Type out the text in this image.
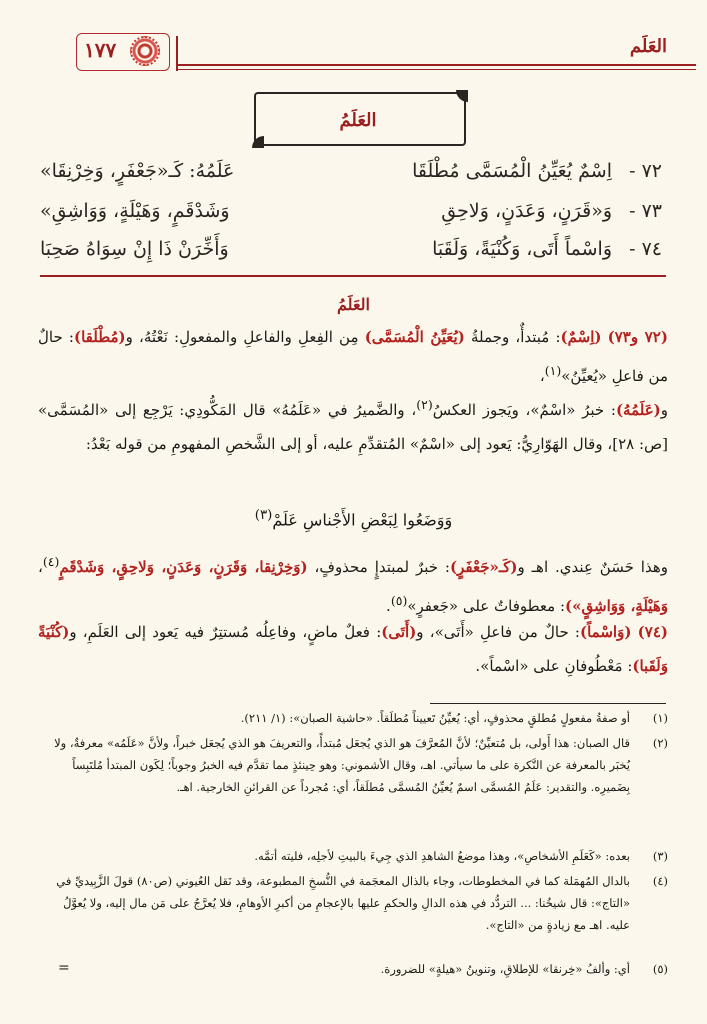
العَلَم
١٧٧
العَلَمُ
٧٢ -
اِسْمٌ يُعَيِّنُ الْمُسَمَّى مُطْلَقَا
عَلَمُهُ: كَـ«جَعْفَرٍ، وَخِرْنِقَا»
٧٣ -
وَ«قَرَنٍ، وَعَدَنٍ، وَلاحِقِ
وَشَدْقَمٍ، وَهَيْلَةٍ، وَوَاشِقِ»
٧٤ -
وَاسْماً أَتَى، وَكُنْيَةً، وَلَقَبَا
وَأَخِّرَنْ ذَا إِنْ سِوَاهُ صَحِبَا
العَلَمُ
(٧٢ و٧٣) (اِسْمٌ): مُبتدأٌ، وجملةُ (يُعَيِّنُ الْمُسَمَّى) مِن الفِعلِ والفاعلِ والمفعولِ: نَعْتُهُ، و(مُطْلَقا): حالٌ من فاعلِ «يُعيِّنُ»$^{(١)}$،
و(عَلَمُهُ): خبرُ «اسْمٌ»، ويَجوز العكسُ$^{(٢)}$، والضَّميرُ في «عَلَمُهُ» قال المَكُّودِي: يَرْجِع إلى «المُسَمَّى» [ص: ٢٨]، وقال الهَوّارِيُّ: يَعود إلى «اسْمٌ» المُتقدِّمِ عليه، أو إلى الشَّخصِ المفهومِ من قوله بَعْدُ:
وَوَضَعُوا لِبَعْضِ الأَجْناسِ عَلَمْ$^{(٣)}$
وهذا حَسَنٌ عِندي. اهـ و(كَـ«جَعْفَرٍ): خبرٌ لمبتدإٍ محذوفٍ، (وَخِرْنِقا، وَقَرَنٍ، وَعَدَنٍ، وَلاحِقٍ، وَشَدْقَمٍ$^{(٤)}$، وَهَيْلَةٍ، وَوَاشِقٍ»): معطوفاتٌ على «جَعفرٍ»$^{(٥)}$.
(٧٤) (وَاسْماً): حالٌ من فاعلِ «أَتَى»، و(أَتَى): فعلٌ ماضٍ، وفاعِلُه مُستتِرٌ فيه يَعود إلى العَلَمِ، و(كُنْيَةً وَلَقَبا): مَعْطُوفانِ على «اسْماً».
(١)
أو صفةُ مفعولٍ مُطلقٍ محذوفٍ، أي: يُعيِّنُ تَعييناً مُطلَقاً. «حاشية الصبان»: (١/ ٢١١).
(٢)
قال الصبان: هذا أَولى، بل مُتعيِّنٌ؛ لأنَّ المُعرَّفَ هو الذي يُجعَل مُبتدأً، والتعريفَ هو الذي يُجعَل خبراً، ولأنَّ «عَلَمُه» معرفةٌ، ولا يُخبَر بالمعرفة عن النَّكرة على ما سيأتي. اهـ، وقال الأشموني: وهو حِينئذٍ مما تقدَّم فيه الخبرُ وجوباً؛ لِكَون المبتدأ مُلتَبِساً بِضَميرِه. والتقدير: عَلَمُ المُسمَّى اسمٌ يُعيِّنُ المُسمَّى مُطلَقاً، أي: مُجرداً عن القرائنِ الخارجية. اهـ.
(٣)
بعده: «كَعَلَمِ الأشخاصِ»، وهذا موضعُ الشاهدِ الذي جِيءَ بالبيتِ لأجلِه، فليته أتمَّه.
(٤)
بالدال المُهمَلة كما في المخطوطات، وجاء بالذال المعجَمة في النُّسخِ المطبوعة، وقد نَقل العُيوني (ص٨٠) قولَ الزَّبِيديِّ في «التاج»: قال شيخُنا: ... التردُّد في هذه الدالِ والحكمِ عليها بالإعجامِ من أكبرِ الأوهامِ، فلا يُعرَّجُ على مَن مال إليه، ولا يُعوَّلُ عليه. اهـ مع زيادةٍ من «التاج».
(٥)
أي: وألفُ «خِرنقا» للإطلاقِ، وتنوينُ «هيلةٍ» للضرورة.
=
